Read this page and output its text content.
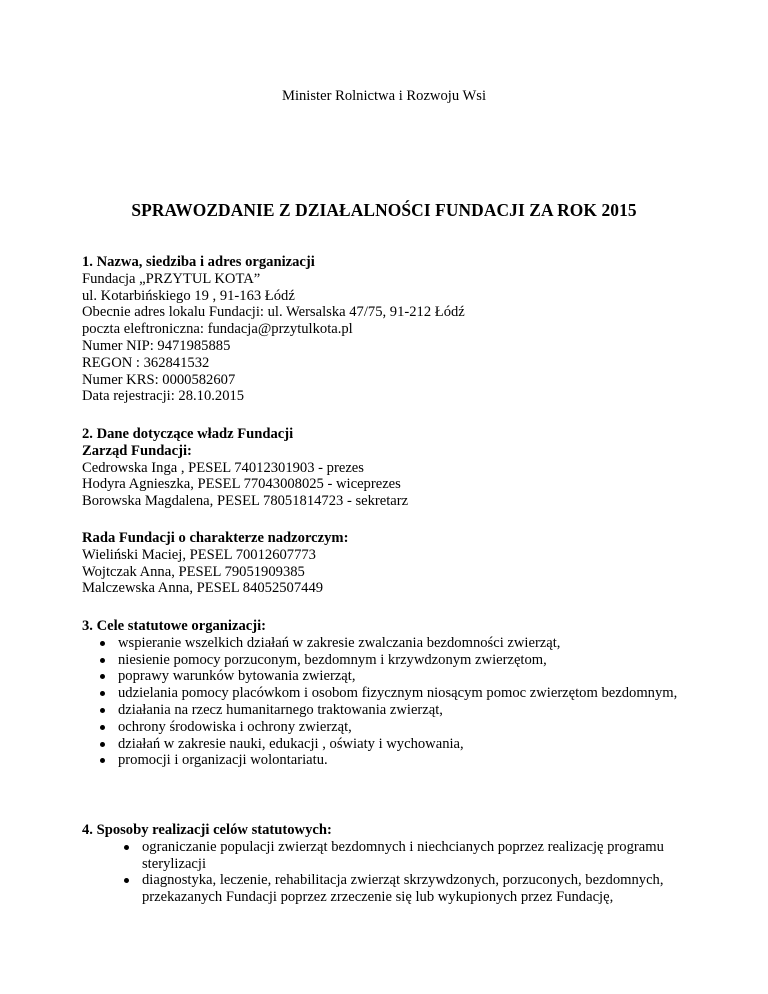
Minister Rolnictwa i Rozwoju Wsi
SPRAWOZDANIE Z DZIAŁALNOŚCI FUNDACJI ZA ROK 2015

1. Nazwa, siedziba i adres organizacji

Fundacja „PRZYTUL KOTA”

ul. Kotarbińskiego 19 , 91-163 Łódź

Obecnie adres lokalu Fundacji: ul. Wersalska 47/75, 91-212 Łódź

poczta eleftroniczna: fundacja@przytulkota.pl

Numer NIP: 9471985885

REGON : 362841532

Numer KRS: 0000582607

Data rejestracji: 28.10.2015

2. Dane dotyczące władz Fundacji

Zarząd Fundacji:

Cedrowska Inga , PESEL 74012301903 - prezes

Hodyra Agnieszka, PESEL 77043008025 - wiceprezes

Borowska Magdalena, PESEL 78051814723 - sekretarz

Rada Fundacji o charakterze nadzorczym:

Wieliński Maciej, PESEL 70012607773

Wojtczak Anna, PESEL 79051909385

Malczewska Anna, PESEL 84052507449

3. Cele statutowe organizacji:

wspieranie wszelkich działań w zakresie zwalczania bezdomności zwierząt,
niesienie pomocy porzuconym, bezdomnym i krzywdzonym zwierzętom,
poprawy warunków bytowania zwierząt,
udzielania pomocy placówkom i osobom fizycznym niosącym pomoc zwierzętom bezdomnym,
działania na rzecz humanitarnego traktowania zwierząt,
ochrony środowiska i ochrony zwierząt,
działań w zakresie nauki, edukacji , oświaty i wychowania,
promocji i organizacji wolontariatu.

4. Sposoby realizacji celów statutowych:

ograniczanie populacji zwierząt bezdomnych i niechcianych poprzez realizację programu sterylizacji
diagnostyka, leczenie, rehabilitacja zwierząt skrzywdzonych, porzuconych, bezdomnych, przekazanych Fundacji poprzez zrzeczenie się lub wykupionych przez Fundację,
